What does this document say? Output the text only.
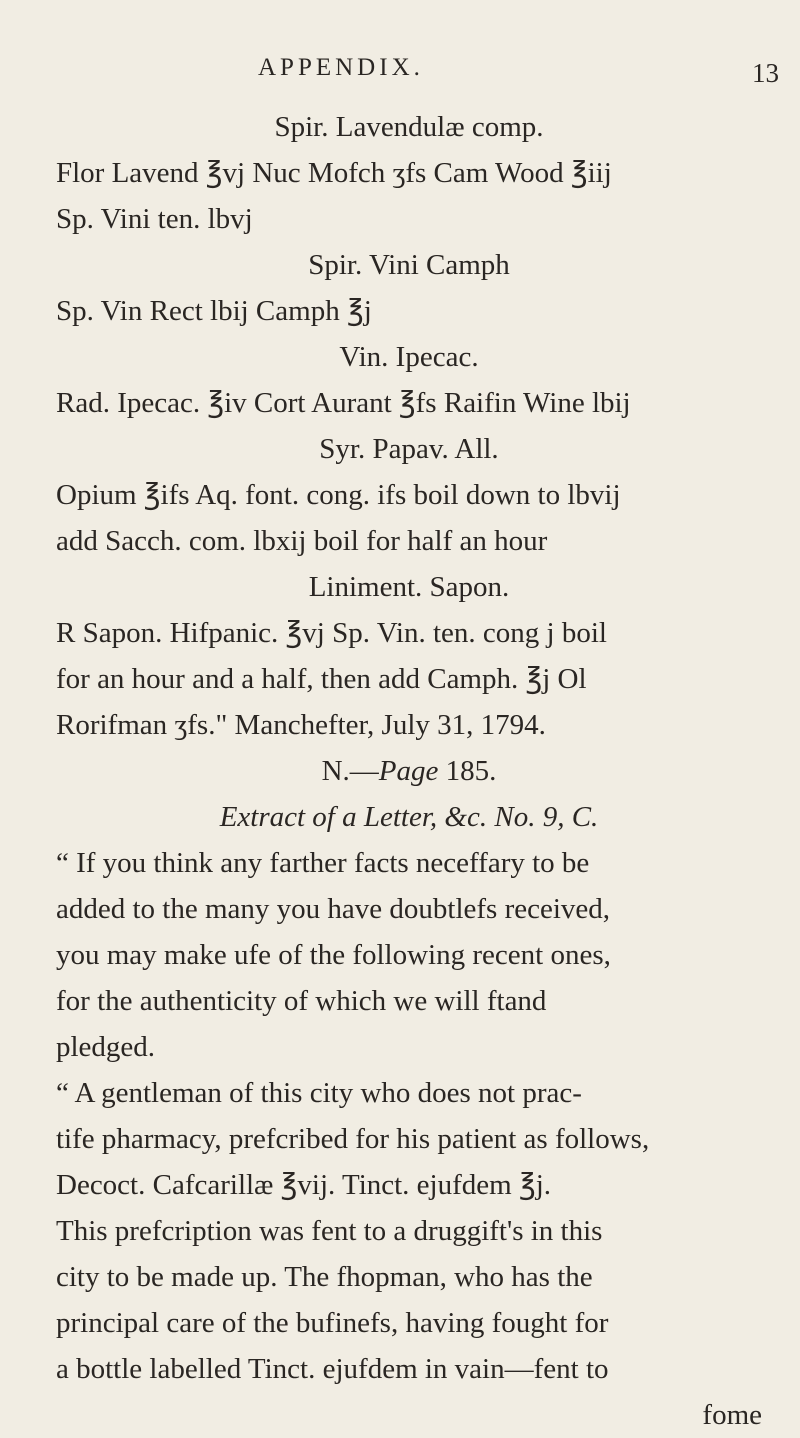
APPENDIX.	13
Spir. Lavendulæ comp.
Flor Lavend ℥vj Nuc Mofch ʒfs Cam Wood ℥iij
Sp. Vini ten. lbvj
Spir. Vini Camph
Sp. Vin Rect lbij Camph ℥j
Vin. Ipecac.
Rad. Ipecac. ℥iv Cort Aurant ℥fs Raifin Wine lbij
Syr. Papav. All.
Opium ℥ifs Aq. font. cong. ifs boil down to lbvij
add Sacch. com. lbxij boil for half an hour
Liniment. Sapon.
R Sapon. Hifpanic. ℥vj Sp. Vin. ten. cong j boil
for an hour and a half, then add Camph. ℥j Ol
Rorifman ʒfs." Manchefter, July 31, 1794.
N.—Page 185.
Extract of a Letter, &c. No. 9, C.
“ If you think any farther facts neceffary to be
added to the many you have doubtlefs received,
you may make ufe of the following recent ones,
for the authenticity of which we will ftand
pledged.
“ A gentleman of this city who does not prac-
tife pharmacy, prefcribed for his patient as follows,
Decoct. Cafcarillæ ℥vij. Tinct. ejufdem ℥j.
This prefcription was fent to a druggift's in this
city to be made up. The fhopman, who has the
principal care of the bufinefs, having fought for
a bottle labelled Tinct. ejufdem in vain—fent to
fome
